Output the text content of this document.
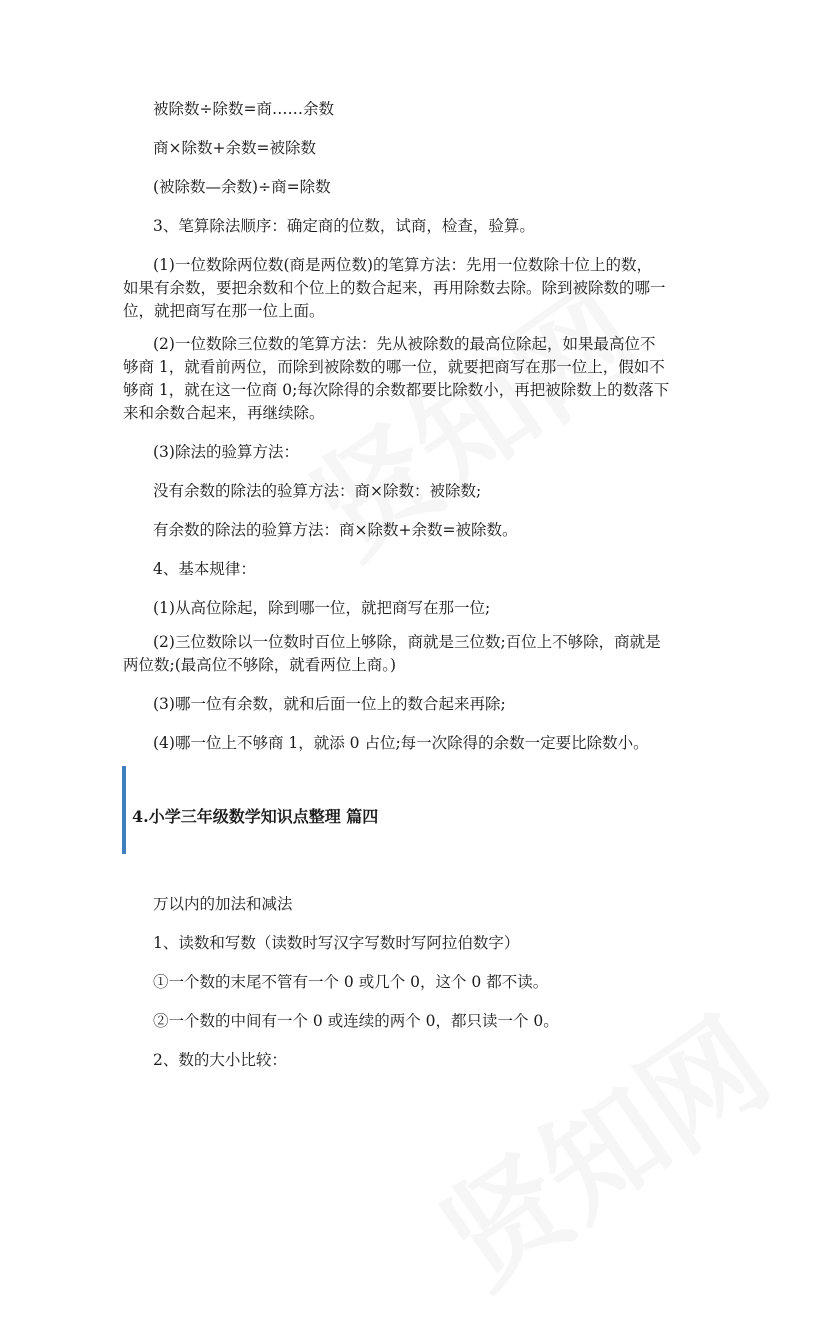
被除数÷除数=商……余数
商×除数+余数=被除数
(被除数—余数)÷商=除数
3、笔算除法顺序：确定商的位数，试商，检查，验算。
(1)一位数除两位数(商是两位数)的笔算方法：先用一位数除十位上的数，
如果有余数，要把余数和个位上的数合起来，再用除数去除。除到被除数的哪一
位，就把商写在那一位上面。
(2)一位数除三位数的笔算方法：先从被除数的最高位除起，如果最高位不
够商 1，就看前两位，而除到被除数的哪一位，就要把商写在那一位上，假如不
够商 1，就在这一位商 0;每次除得的余数都要比除数小，再把被除数上的数落下
来和余数合起来，再继续除。
(3)除法的验算方法：
没有余数的除法的验算方法：商×除数：被除数;
有余数的除法的验算方法：商×除数+余数=被除数。
4、基本规律：
(1)从高位除起，除到哪一位，就把商写在那一位;
(2)三位数除以一位数时百位上够除，商就是三位数;百位上不够除，商就是
两位数;(最高位不够除，就看两位上商。)
(3)哪一位有余数，就和后面一位上的数合起来再除;
(4)哪一位上不够商 1，就添 0 占位;每一次除得的余数一定要比除数小。
4.小学三年级数学知识点整理 篇四
万以内的加法和减法
1、读数和写数（读数时写汉字写数时写阿拉伯数字）
①一个数的末尾不管有一个 0 或几个 0，这个 0 都不读。
②一个数的中间有一个 0 或连续的两个 0，都只读一个 0。
2、数的大小比较：
